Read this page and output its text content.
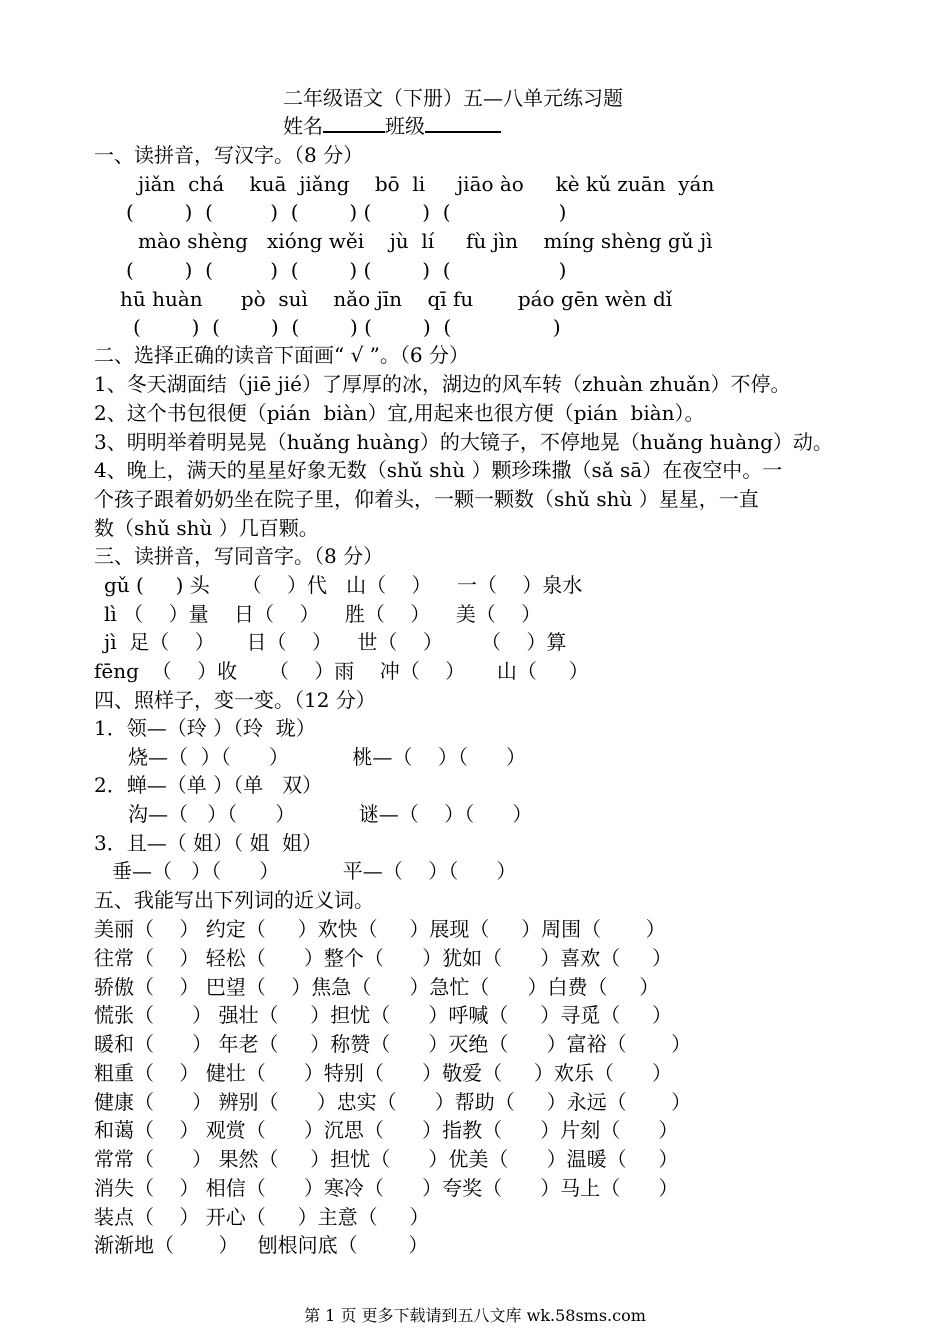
二年级语文（下册）五—八单元练习题
姓名	班级
一、读拼音，写汉字。（8 分）
jiǎn  chá    kuā  jiǎng    bō  li     jiāo ào     kè kǔ zuān  yán
(        )  (         )  (        ) (        )  (                 )
mào shèng   xióng wěi    jù  lí     fù jìn    míng shèng gǔ jì
(        )  (         )  (        ) (        )  (                 )
hū huàn      pò  suì    nǎo jīn    qī fu       páo gēn wèn dǐ
(        )  (        )  (        ) (        )  (                )
二、选择正确的读音下面画“ √ ”。（6 分）
1、冬天湖面结（jiē jié）了厚厚的冰，湖边的风车转（zhuàn zhuǎn）不停。
2、这个书包很便（pián  biàn）宜,用起来也很方便（pián  biàn）。
3、明明举着明晃晃（huǎng huàng）的大镜子，不停地晃（huǎng huàng）动。
4、晚上，满天的星星好象无数（shǔ shù ）颗珍珠撒（sǎ sā）在夜空中。一
个孩子跟着奶奶坐在院子里，仰着头，一颗一颗数（shǔ shù ）星星，一直
数（shǔ shù ）几百颗。
三、读拼音，写同音字。（8 分）
gǔ (     ) 头     （    ）代   山（    ）    一（    ）泉水
lì （    ）量    日（    ）    胜（    ）    美（    ）
jì  足（    ）     日（    ）    世（    ）      （    ）算
fēng  （    ）收     （    ）雨    冲（    ）     山（     ）
四、照样子，变一变。（12 分）
1．领—（玲 ）（玲  珑）
烧—（  ）（      ）          桃—（    ）（      ）
2．蝉—（单 ）（单   双）
沟—（   ）（      ）          谜—（    ）（      ）
3．且—（ 姐）（ 姐  姐）
垂—（   ）（      ）          平—（    ）（      ）
五、我能写出下列词的近义词。
美丽（    ） 约定（     ）欢快（     ）展现（     ）周围（       ）
往常（    ） 轻松（      ）整个（      ）犹如（      ）喜欢（     ）
骄傲（    ） 巴望（    ）焦急（      ）急忙（      ）白费（     ）
慌张（      ） 强壮（     ）担忧（      ）呼喊（     ）寻觅（     ）
暖和（      ） 年老（     ）称赞（      ）灭绝（      ）富裕（       ）
粗重（    ） 健壮（      ）特别（      ）敬爱（     ）欢乐（      ）
健康（      ） 辨别（      ）忠实（      ）帮助（     ）永远（       ）
和蔼（    ） 观赏（      ）沉思（      ）指教（      ）片刻（      ）
常常（      ） 果然（     ）担忧（      ）优美（      ）温暖（     ）
消失（    ） 相信（      ）寒冷（      ）夸奖（      ）马上（      ）
装点（    ） 开心（     ）主意（     ）
渐渐地（       ）   刨根问底（        ）
第 1 页 更多下载请到五八文库 wk.58sms.com
